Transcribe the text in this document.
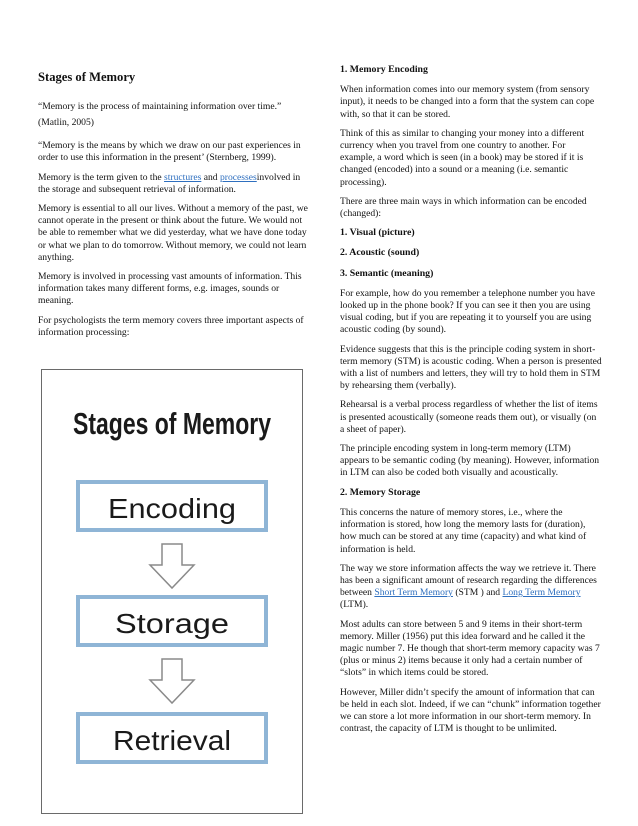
Stages of Memory

“Memory is the process of maintaining information over time.” (Matlin, 2005)

“Memory is the means by which we draw on our past experiences in order to use this information in the present’ (Sternberg, 1999).

Memory is the term given to the structures and processesinvolved in the storage and subsequent retrieval of information.

Memory is essential to all our lives. Without a memory of the past, we cannot operate in the present or think about the future. We would not be able to remember what we did yesterday, what we have done today or what we plan to do tomorrow. Without memory, we could not learn anything.

Memory is involved in processing vast amounts of information. This information takes many different forms, e.g. images, sounds or meaning.

For psychologists the term memory covers three important aspects of information processing:

Stages of Memory
Encoding
Storage
Retrieval

1. Memory Encoding

When information comes into our memory system (from sensory input), it needs to be changed into a form that the system can cope with, so that it can be stored.

Think of this as similar to changing your money into a different currency when you travel from one country to another. For example, a word which is seen (in a book) may be stored if it is changed (encoded) into a sound or a meaning (i.e. semantic processing).

There are three main ways in which information can be encoded (changed):

1. Visual (picture)

2. Acoustic (sound)

3. Semantic (meaning)

For example, how do you remember a telephone number you have looked up in the phone book? If you can see it then you are using visual coding, but if you are repeating it to yourself you are using acoustic coding (by sound).

Evidence suggests that this is the principle coding system in short-term memory (STM) is acoustic coding. When a person is presented with a list of numbers and letters, they will try to hold them in STM by rehearsing them (verbally).

Rehearsal is a verbal process regardless of whether the list of items is presented acoustically (someone reads them out), or visually (on a sheet of paper).

The principle encoding system in long-term memory (LTM) appears to be semantic coding (by meaning). However, information in LTM can also be coded both visually and acoustically.

2. Memory Storage

This concerns the nature of memory stores, i.e., where the information is stored, how long the memory lasts for (duration), how much can be stored at any time (capacity) and what kind of information is held.

The way we store information affects the way we retrieve it. There has been a significant amount of research regarding the differences between Short Term Memory (STM ) and Long Term Memory (LTM).

Most adults can store between 5 and 9 items in their short-term memory. Miller (1956) put this idea forward and he called it the magic number 7. He though that short-term memory capacity was 7 (plus or minus 2) items because it only had a certain number of “slots” in which items could be stored.

However, Miller didn’t specify the amount of information that can be held in each slot. Indeed, if we can “chunk” information together we can store a lot more information in our short-term memory. In contrast, the capacity of LTM is thought to be unlimited.
